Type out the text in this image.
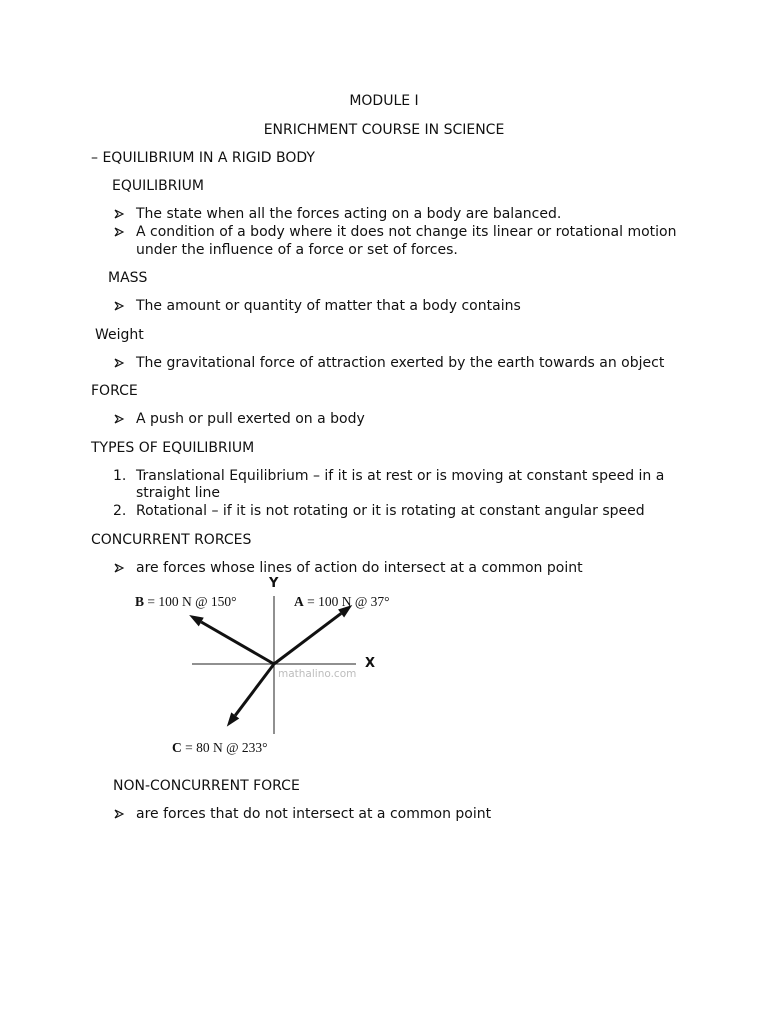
MODULE I
ENRICHMENT COURSE IN SCIENCE
– EQUILIBRIUM IN A RIGID BODY
EQUILIBRIUM
The state when all the forces acting on a body are balanced.
A condition of a body where it does not change its linear or rotational motion
under the influence of a force or set of forces.
MASS
The amount or quantity of matter that a body contains
Weight
The gravitational force of attraction exerted by the earth towards an object
FORCE
A push or pull exerted on a body
TYPES OF EQUILIBRIUM
1. Translational Equilibrium – if it is at rest or is moving at constant speed in a
straight line
2. Rotational – if it is not rotating or it is rotating at constant angular speed
CONCURRENT RORCES
are forces whose lines of action do intersect at a common point
X
Y
mathalino.com
B = 100 N @ 150°	A = 100 N @ 37°
C = 80 N @ 233°
NON-CONCURRENT FORCE
are forces that do not intersect at a common point
